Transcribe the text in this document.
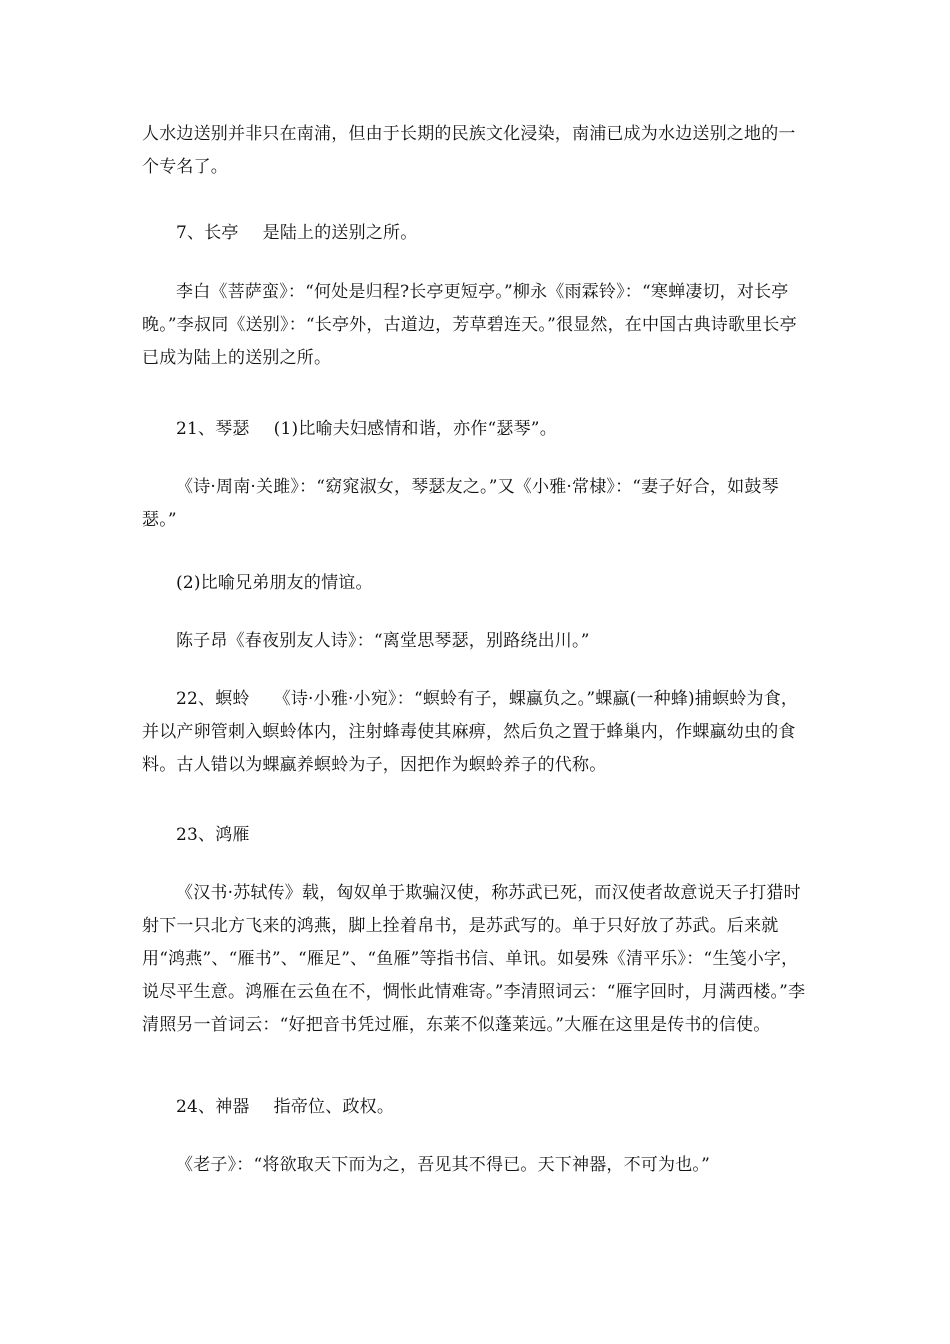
人水边送别并非只在南浦，但由于长期的民族文化浸染，南浦已成为水边送别之地的一个专名了。

7、长亭 是陆上的送别之所。

李白《菩萨蛮》：“何处是归程?长亭更短亭。”柳永《雨霖铃》：“寒蝉凄切，对长亭晚。”李叔同《送别》：“长亭外，古道边，芳草碧连天。”很显然，在中国古典诗歌里长亭已成为陆上的送别之所。

21、琴瑟 (1)比喻夫妇感情和谐，亦作“瑟琴”。

《诗·周南·关雎》：“窈窕淑女，琴瑟友之。”又《小雅·常棣》：“妻子好合，如鼓琴瑟。”

(2)比喻兄弟朋友的情谊。

陈子昂《春夜别友人诗》：“离堂思琴瑟，别路绕出川。”

22、螟蛉 《诗·小雅·小宛》：“螟蛉有子，蜾蠃负之。”蜾蠃(一种蜂)捕螟蛉为食，并以产卵管刺入螟蛉体内，注射蜂毒使其麻痹，然后负之置于蜂巢内，作蜾蠃幼虫的食料。古人错以为蜾蠃养螟蛉为子，因把作为螟蛉养子的代称。

23、鸿雁

《汉书·苏轼传》载，匈奴单于欺骗汉使，称苏武已死，而汉使者故意说天子打猎时射下一只北方飞来的鸿燕，脚上拴着帛书，是苏武写的。单于只好放了苏武。后来就用“鸿燕”、“雁书”、“雁足”、“鱼雁”等指书信、单讯。如晏殊《清平乐》：“生笺小字，说尽平生意。鸿雁在云鱼在不，惆怅此情难寄。”李清照词云：“雁字回时，月满西楼。”李清照另一首词云：“好把音书凭过雁，东莱不似蓬莱远。”大雁在这里是传书的信使。

24、神器 指帝位、政权。

《老子》：“将欲取天下而为之，吾见其不得已。天下神器，不可为也。”
